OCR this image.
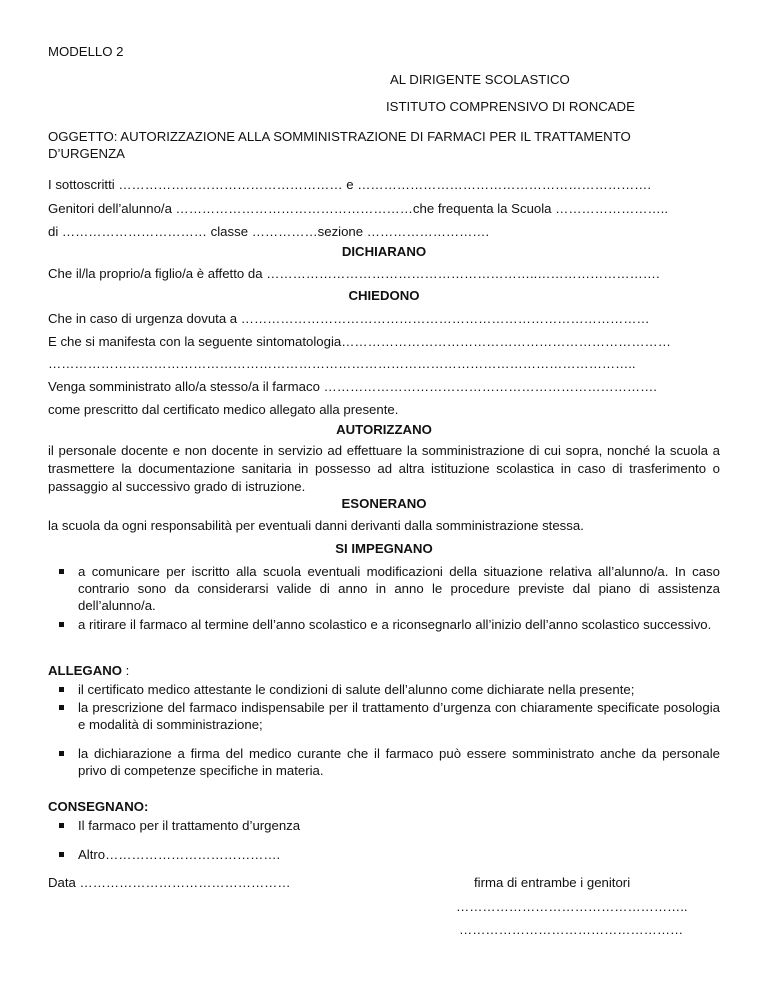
MODELLO 2
AL DIRIGENTE SCOLASTICO
ISTITUTO COMPRENSIVO DI RONCADE
OGGETTO: AUTORIZZAZIONE ALLA SOMMINISTRAZIONE DI FARMACI PER IL TRATTAMENTO
D’URGENZA
I sottoscritti …………………………………………… e ………………………………………………………….
Genitori dell’alunno/a ………………………………………………che frequenta la Scuola ……………………..
di …………………………… classe ……………sezione ……………………….
DICHIARANO
Che il/la proprio/a figlio/a è affetto da ……………………………………………………..……………………….
CHIEDONO
Che in caso di urgenza dovuta a …………………………………………………………………………………
E che si manifesta con la seguente sintomatologia…………………………………………………………………
……………………………………………………………………………………………………………………..
Venga somministrato allo/a stesso/a il farmaco ………………………………………………………………….
come prescritto dal certificato medico allegato alla presente.
AUTORIZZANO
il personale docente e non docente in servizio ad effettuare la somministrazione di cui sopra, nonché la scuola a trasmettere la documentazione sanitaria in possesso ad altra istituzione scolastica in caso di trasferimento o passaggio al successivo grado di istruzione.
ESONERANO
la scuola da ogni responsabilità per eventuali danni derivanti dalla somministrazione stessa.
SI IMPEGNANO
a comunicare per iscritto alla scuola eventuali modificazioni della situazione relativa all’alunno/a. In caso contrario sono da considerarsi valide di anno in anno le procedure previste dal piano di assistenza dell’alunno/a.
a ritirare il farmaco al termine dell’anno scolastico e a riconsegnarlo all’inizio dell’anno scolastico successivo.
ALLEGANO :
il certificato medico attestante le condizioni di salute dell’alunno come dichiarate nella presente;
la prescrizione del farmaco indispensabile per il trattamento d’urgenza con chiaramente specificate posologia e modalità di somministrazione;
la dichiarazione a firma del medico curante che il farmaco può essere somministrato anche da personale privo di competenze specifiche in materia.
CONSEGNANO:
Il farmaco per il trattamento d’urgenza
Altro………………………………….
Data …………………………………………	firma di entrambe i genitori
……………………………………………..
……………………………………………
